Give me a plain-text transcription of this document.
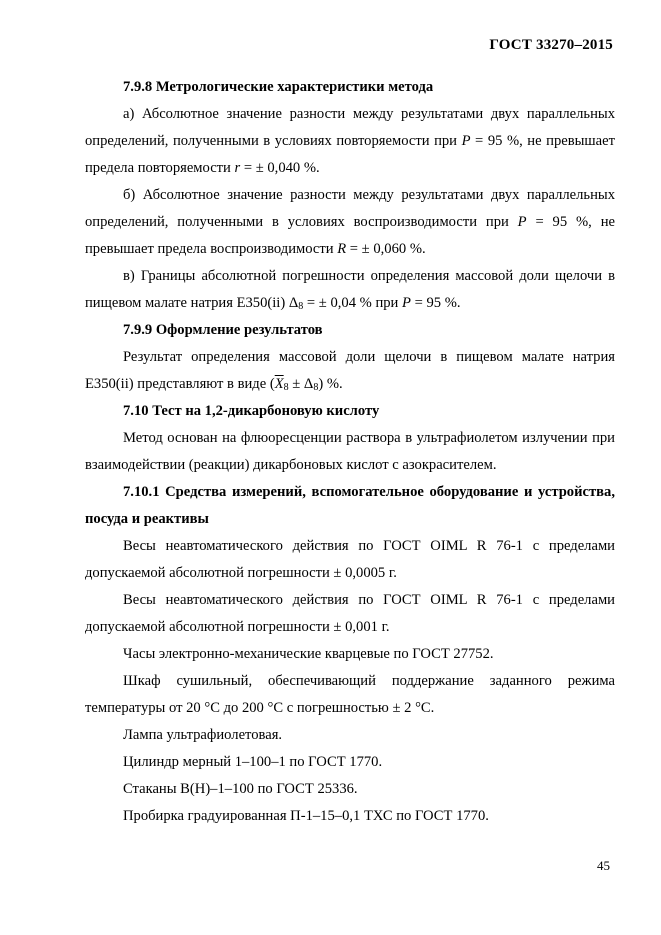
ГОСТ 33270–2015

7.9.8 Метрологические характеристики метода

а) Абсолютное значение разности между результатами двух параллельных определений, полученными в условиях повторяемости при P = 95 %, не превышает предела повторяемости r = ± 0,040 %.

б) Абсолютное значение разности между результатами двух параллельных определений, полученными в условиях воспроизводимости при P = 95 %, не превышает предела воспроизводимости R = ± 0,060 %.

в) Границы абсолютной погрешности определения массовой доли щелочи в пищевом малате натрия Е350(ii) $\Delta_8$ = ± 0,04 % при P = 95 %.

7.9.9 Оформление результатов

Результат определения массовой доли щелочи в пищевом малате натрия Е350(ii) представляют в виде $(\overline{X}_8 \pm \Delta_8)$ %.

7.10 Тест на 1,2-дикарбоновую кислоту

Метод основан на флюоресценции раствора в ультрафиолетом излучении при взаимодействии (реакции) дикарбоновых кислот с азокрасителем.

7.10.1 Средства измерений, вспомогательное оборудование и устройства, посуда и реактивы

Весы неавтоматического действия по ГОСТ OIML R 76-1 с пределами допускаемой абсолютной погрешности ± 0,0005 г.

Весы неавтоматического действия по ГОСТ OIML R 76-1 с пределами допускаемой абсолютной погрешности ± 0,001 г.

Часы электронно-механические кварцевые по ГОСТ 27752.

Шкаф сушильный, обеспечивающий поддержание заданного режима температуры от 20 °С до 200 °С с погрешностью ± 2 °С.

Лампа ультрафиолетовая.

Цилиндр мерный 1–100–1 по ГОСТ 1770.

Стаканы В(Н)–1–100 по ГОСТ 25336.

Пробирка градуированная П-1–15–0,1 ТХС по ГОСТ 1770.

45
